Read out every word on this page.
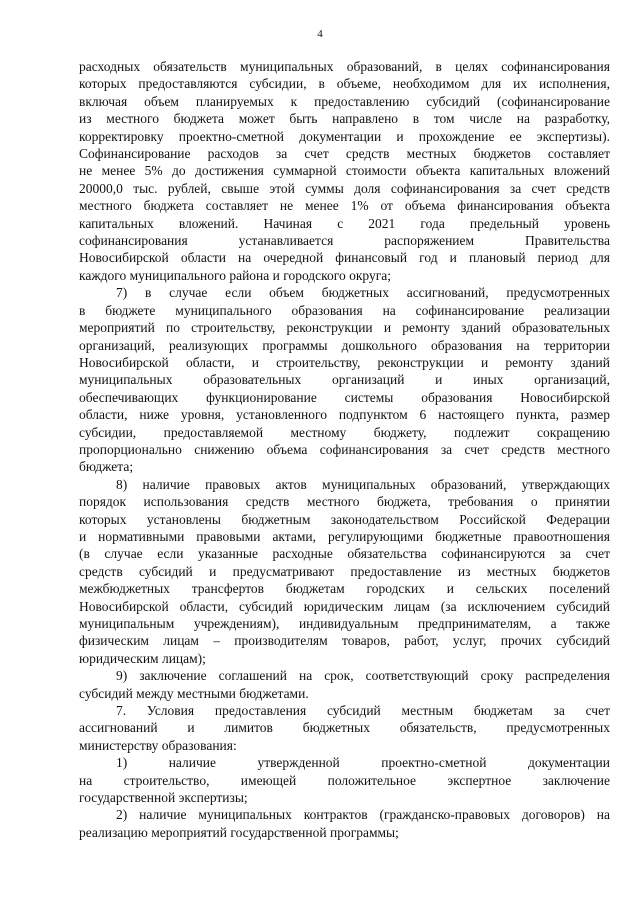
4
расходных обязательств муниципальных образований, в целях софинансирования
которых предоставляются субсидии, в объеме, необходимом для их исполнения,
включая объем планируемых к предоставлению субсидий (софинансирование
из местного бюджета может быть направлено в том числе на разработку,
корректировку проектно-сметной документации и прохождение ее экспертизы).
Софинансирование расходов за счет средств местных бюджетов составляет
не менее 5% до достижения суммарной стоимости объекта капитальных вложений
20000,0 тыс. рублей, свыше этой суммы доля софинансирования за счет средств
местного бюджета составляет не менее 1% от объема финансирования объекта
капитальных вложений. Начиная с 2021 года предельный уровень
софинансирования устанавливается распоряжением Правительства
Новосибирской области на очередной финансовый год и плановый период для
каждого муниципального района и городского округа;
7) в случае если объем бюджетных ассигнований, предусмотренных
в бюджете муниципального образования на софинансирование реализации
мероприятий по строительству, реконструкции и ремонту зданий образовательных
организаций, реализующих программы дошкольного образования на территории
Новосибирской области, и строительству, реконструкции и ремонту зданий
муниципальных образовательных организаций и иных организаций,
обеспечивающих функционирование системы образования Новосибирской
области, ниже уровня, установленного подпунктом 6 настоящего пункта, размер
субсидии, предоставляемой местному бюджету, подлежит сокращению
пропорционально снижению объема софинансирования за счет средств местного
бюджета;
8) наличие правовых актов муниципальных образований, утверждающих
порядок использования средств местного бюджета, требования о принятии
которых установлены бюджетным законодательством Российской Федерации
и нормативными правовыми актами, регулирующими бюджетные правоотношения
(в случае если указанные расходные обязательства софинансируются за счет
средств субсидий и предусматривают предоставление из местных бюджетов
межбюджетных трансфертов бюджетам городских и сельских поселений
Новосибирской области, субсидий юридическим лицам (за исключением субсидий
муниципальным учреждениям), индивидуальным предпринимателям, а также
физическим лицам – производителям товаров, работ, услуг, прочих субсидий
юридическим лицам);
9) заключение соглашений на срок, соответствующий сроку распределения
субсидий между местными бюджетами.
7. Условия предоставления субсидий местным бюджетам за счет
ассигнований и лимитов бюджетных обязательств, предусмотренных
министерству образования:
1) наличие утвержденной проектно-сметной документации
на строительство, имеющей положительное экспертное заключение
государственной экспертизы;
2) наличие муниципальных контрактов (гражданско-правовых договоров) на
реализацию мероприятий государственной программы;
